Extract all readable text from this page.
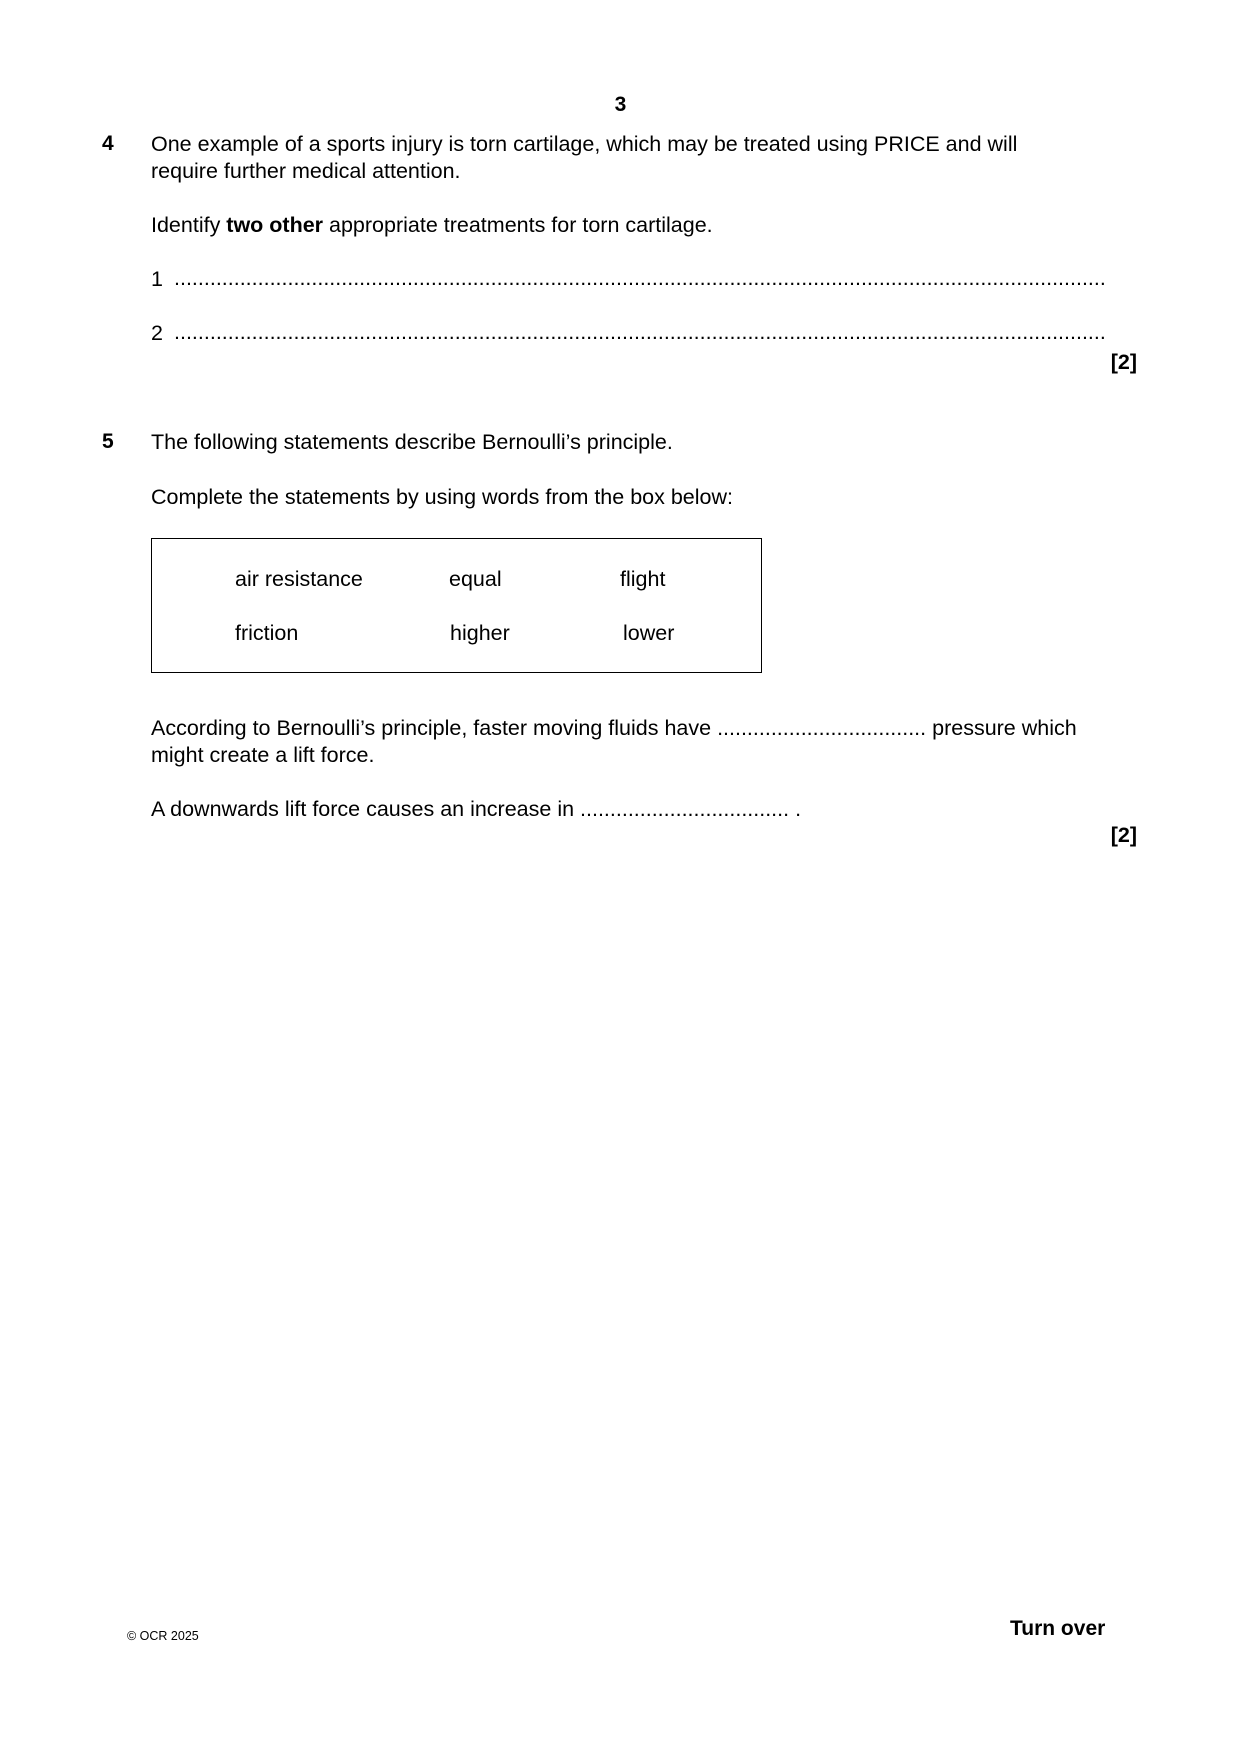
3
4 One example of a sports injury is torn cartilage, which may be treated using PRICE and will
require further medical attention.
Identify two other appropriate treatments for torn cartilage.
1 ............................................................................................................................................................
2 ............................................................................................................................................................
[2]
5 The following statements describe Bernoulli’s principle.
Complete the statements by using words from the box below:
air resistance	equal	flight
friction	higher	lower
According to Bernoulli’s principle, faster moving fluids have ................................... pressure which
might create a lift force.
A downwards lift force causes an increase in ................................... .
[2]
© OCR 2025	Turn over
